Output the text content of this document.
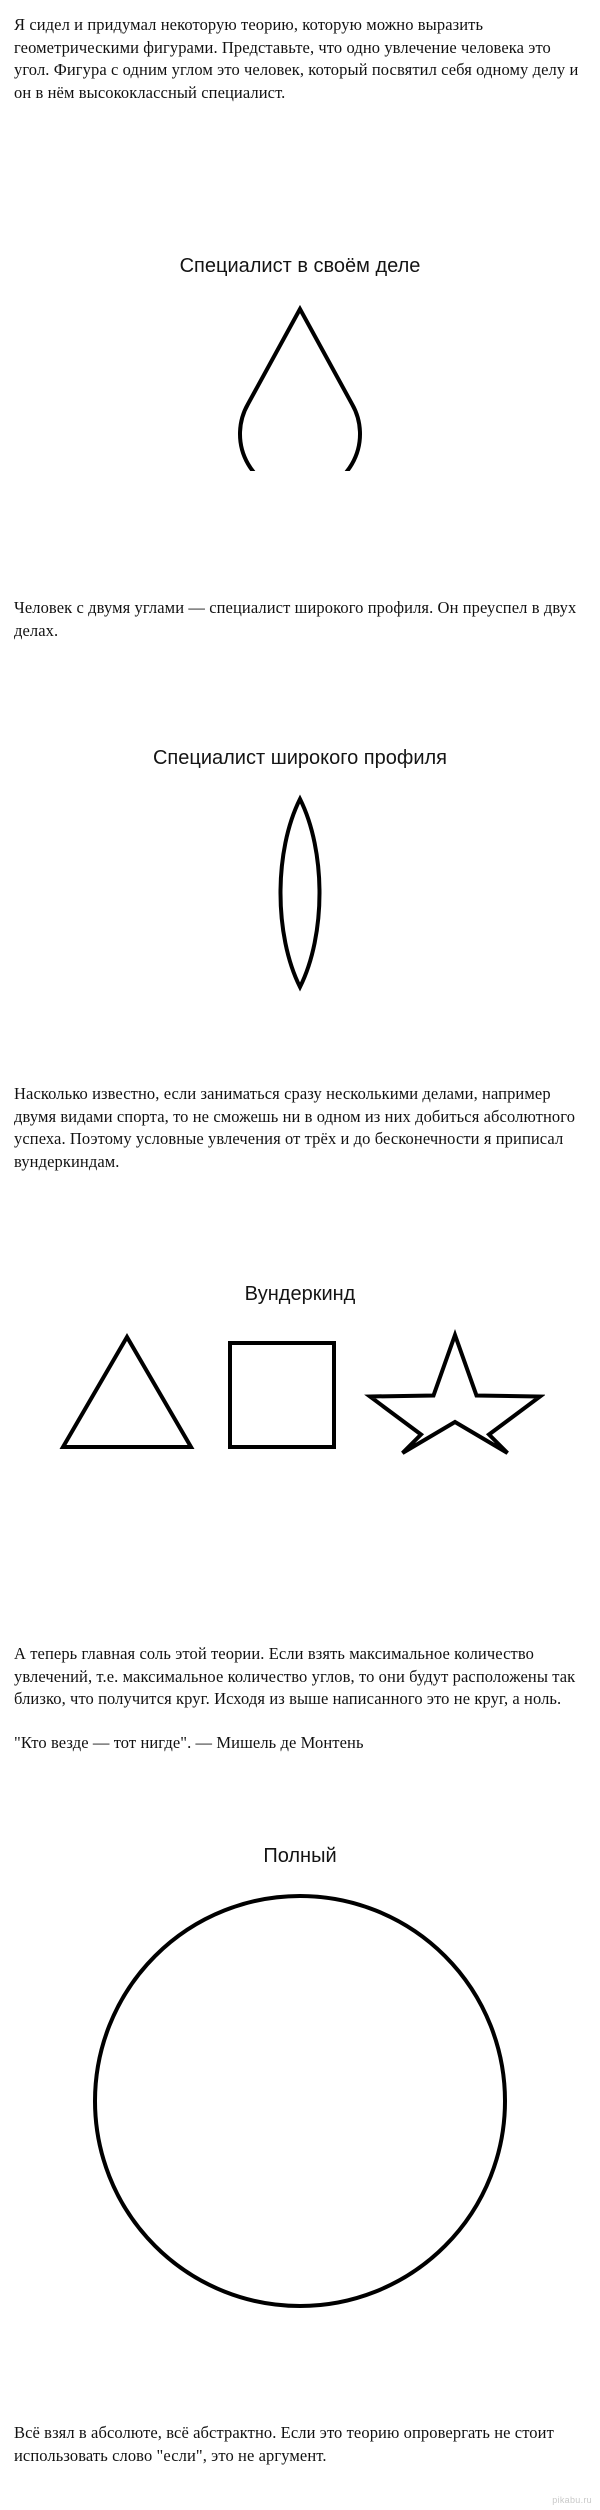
Я сидел и придумал некоторую теорию, которую можно выразить геометрическими фигурами. Представьте, что одно увлечение человека это угол. Фигура с одним углом это человек, который посвятил себя одному делу и он в нём высококлассный специалист.

Специалист в своём деле

Человек с двумя углами — специалист широкого профиля. Он преуспел в двух делах.

Специалист широкого профиля

Насколько известно, если заниматься сразу несколькими делами, например двумя видами спорта, то не сможешь ни в одном из них добиться абсолютного успеха. Поэтому условные увлечения от трёх и до бесконечности я приписал вундеркиндам.

Вундеркинд

А теперь главная соль этой теории. Если взять максимальное количество увлечений, т.е. максимальное количество углов, то они будут расположены так близко, что получится круг. Исходя из выше написанного это не круг, а ноль.

"Кто везде — тот нигде". — Мишель де Монтень

Полный

Всё взял в абсолюте, всё абстрактно. Если это теорию опровергать не стоит использовать слово "если", это не аргумент.

pikabu.ru
